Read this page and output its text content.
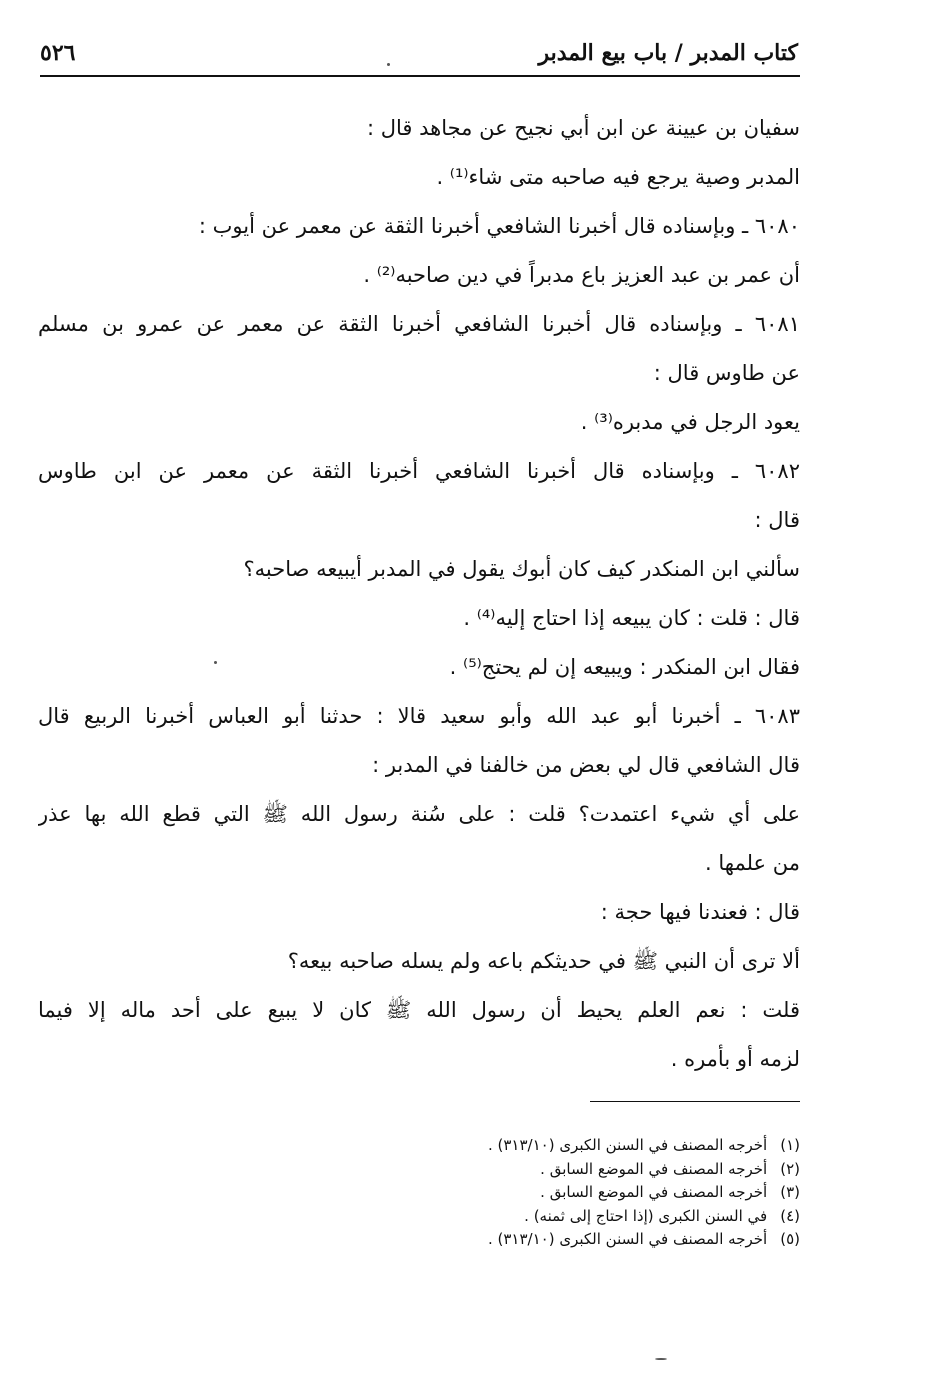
كتاب المدبر / باب بيع المدبر
٥٢٦
سفيان بن عيينة عن ابن أبي نجيح عن مجاهد قال :
المدبر وصية يرجع فيه صاحبه متى شاء⁽¹⁾ .
٦٠٨٠ ـ وبإسناده قال أخبرنا الشافعي أخبرنا الثقة عن معمر عن أيوب :
أن عمر بن عبد العزيز باع مدبراً في دين صاحبه⁽²⁾ .
٦٠٨١ ـ وبإسناده قال أخبرنا الشافعي أخبرنا الثقة عن معمر عن عمرو بن مسلم
عن طاوس قال :
يعود الرجل في مدبره⁽³⁾ .
٦٠٨٢ ـ وبإسناده قال أخبرنا الشافعي أخبرنا الثقة عن معمر عن ابن طاوس
قال :
سألني ابن المنكدر كيف كان أبوك يقول في المدبر أيبيعه صاحبه؟
قال : قلت : كان يبيعه إذا احتاج إليه⁽⁴⁾ .
فقال ابن المنكدر : ويبيعه إن لم يحتج⁽⁵⁾ .
٦٠٨٣ ـ أخبرنا أبو عبد الله وأبو سعيد قالا : حدثنا أبو العباس أخبرنا الربيع قال
قال الشافعي قال لي بعض من خالفنا في المدبر :
على أي شيء اعتمدت؟ قلت : على سُنة رسول الله ﷺ التي قطع الله بها عذر
من علمها .
قال : فعندنا فيها حجة :
ألا ترى أن النبي ﷺ في حديثكم باعه ولم يسله صاحبه بيعه؟
قلت : نعم العلم يحيط أن رسول الله ﷺ كان لا يبيع على أحد ماله إلا فيما
لزمه أو بأمره .
(١) أخرجه المصنف في السنن الكبرى (٣١٣/١٠) .
(٢) أخرجه المصنف في الموضع السابق .
(٣) أخرجه المصنف في الموضع السابق .
(٤) في السنن الكبرى (إذا احتاج إلى ثمنه) .
(٥) أخرجه المصنف في السنن الكبرى (٣١٣/١٠) .
